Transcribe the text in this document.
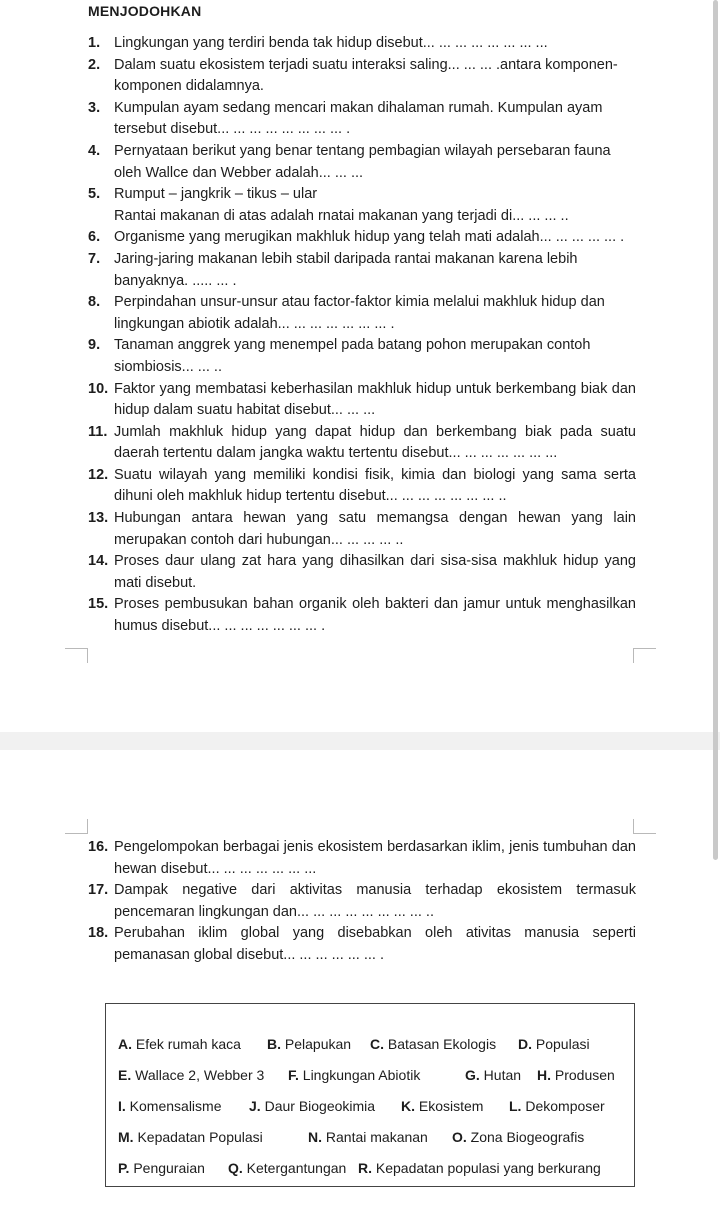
MENJODOHKAN
1. Lingkungan yang terdiri benda tak hidup disebut... ... ... ... ... ... ... ...
2. Dalam suatu ekosistem terjadi suatu interaksi saling... ... ... .antara komponen-komponen didalamnya.
3. Kumpulan ayam sedang mencari makan dihalaman rumah. Kumpulan ayam tersebut disebut... ... ... ... ... ... ... ... .
4. Pernyataan berikut yang benar tentang pembagian wilayah persebaran fauna oleh Wallce dan Webber adalah... ... ...
5. Rumput – jangkrik – tikus – ular
Rantai makanan di atas adalah rnatai makanan yang terjadi di... ... ... ..
6. Organisme yang merugikan makhluk hidup yang telah mati adalah... ... ... ... ... .
7. Jaring-jaring makanan lebih stabil daripada rantai makanan karena lebih banyaknya. ..... ... .
8. Perpindahan unsur-unsur atau factor-faktor kimia melalui makhluk hidup dan lingkungan abiotik adalah... ... ... ... ... ... ... .
9. Tanaman anggrek yang menempel pada batang pohon merupakan contoh siombiosis... ... ..
10. Faktor yang membatasi keberhasilan makhluk hidup untuk berkembang biak dan hidup dalam suatu habitat disebut... ... ...
11. Jumlah makhluk hidup yang dapat hidup dan berkembang biak pada suatu daerah tertentu dalam jangka waktu tertentu disebut... ... ... ... ... ... ...
12. Suatu wilayah yang memiliki kondisi fisik, kimia dan biologi yang sama serta dihuni oleh makhluk hidup tertentu disebut... ... ... ... ... ... ... ..
13. Hubungan antara hewan yang satu memangsa dengan hewan yang lain merupakan contoh dari hubungan... ... ... ... ..
14. Proses daur ulang zat hara yang dihasilkan dari sisa-sisa makhluk hidup yang mati disebut.
15. Proses pembusukan bahan organik oleh bakteri dan jamur untuk menghasilkan humus disebut... ... ... ... ... ... ... .
16. Pengelompokan berbagai jenis ekosistem berdasarkan iklim, jenis tumbuhan dan hewan disebut... ... ... ... ... ... ...
17. Dampak negative dari aktivitas manusia terhadap ekosistem termasuk pencemaran lingkungan dan... ... ... ... ... ... ... ... ..
18. Perubahan iklim global yang disebabkan oleh ativitas manusia seperti pemanasan global disebut... ... ... ... ... ... .
A. Efek rumah kaca B. Pelapukan C. Batasan Ekologis D. Populasi
E. Wallace 2, Webber 3 F. Lingkungan Abiotik	G. Hutan H. Produsen
I. Komensalisme J. Daur Biogeokimia K. Ekosistem L. Dekomposer
M. Kepadatan Populasi	N. Rantai makanan O. Zona Biogeografis
P. Penguraian Q. Ketergantungan R. Kepadatan populasi yang berkurang
